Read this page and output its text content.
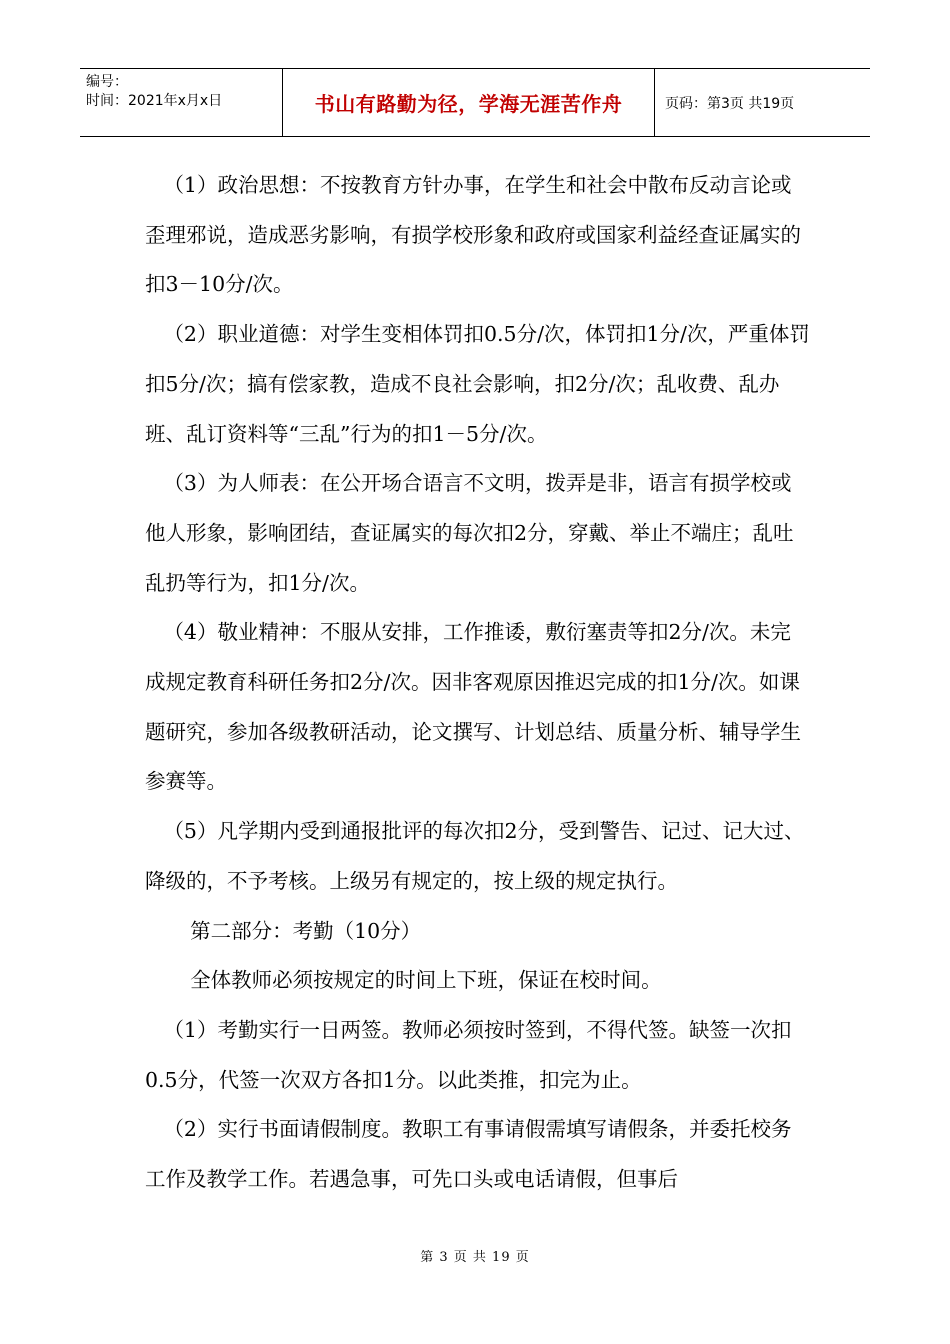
编号：
时间：2021年x月x日	书山有路勤为径，学海无涯苦作舟	页码：第3页 共19页

（1）政治思想：不按教育方针办事，在学生和社会中散布反动言论或歪理邪说，造成恶劣影响，有损学校形象和政府或国家利益经查证属实的扣3－10分/次。

（2）职业道德：对学生变相体罚扣0.5分/次，体罚扣1分/次，严重体罚扣5分/次；搞有偿家教，造成不良社会影响，扣2分/次；乱收费、乱办班、乱订资料等“三乱”行为的扣1－5分/次。

（3）为人师表：在公开场合语言不文明，拨弄是非，语言有损学校或他人形象，影响团结，查证属实的每次扣2分，穿戴、举止不端庄；乱吐乱扔等行为，扣1分/次。

（4）敬业精神：不服从安排，工作推诿，敷衍塞责等扣2分/次。未完成规定教育科研任务扣2分/次。因非客观原因推迟完成的扣1分/次。如课题研究，参加各级教研活动，论文撰写、计划总结、质量分析、辅导学生参赛等。

（5）凡学期内受到通报批评的每次扣2分，受到警告、记过、记大过、降级的，不予考核。上级另有规定的，按上级的规定执行。

第二部分：考勤（10分）

全体教师必须按规定的时间上下班，保证在校时间。

（1）考勤实行一日两签。教师必须按时签到，不得代签。缺签一次扣0.5分，代签一次双方各扣1分。以此类推，扣完为止。

（2）实行书面请假制度。教职工有事请假需填写请假条，并委托校务工作及教学工作。若遇急事，可先口头或电话请假，但事后

第 3 页 共 19 页
